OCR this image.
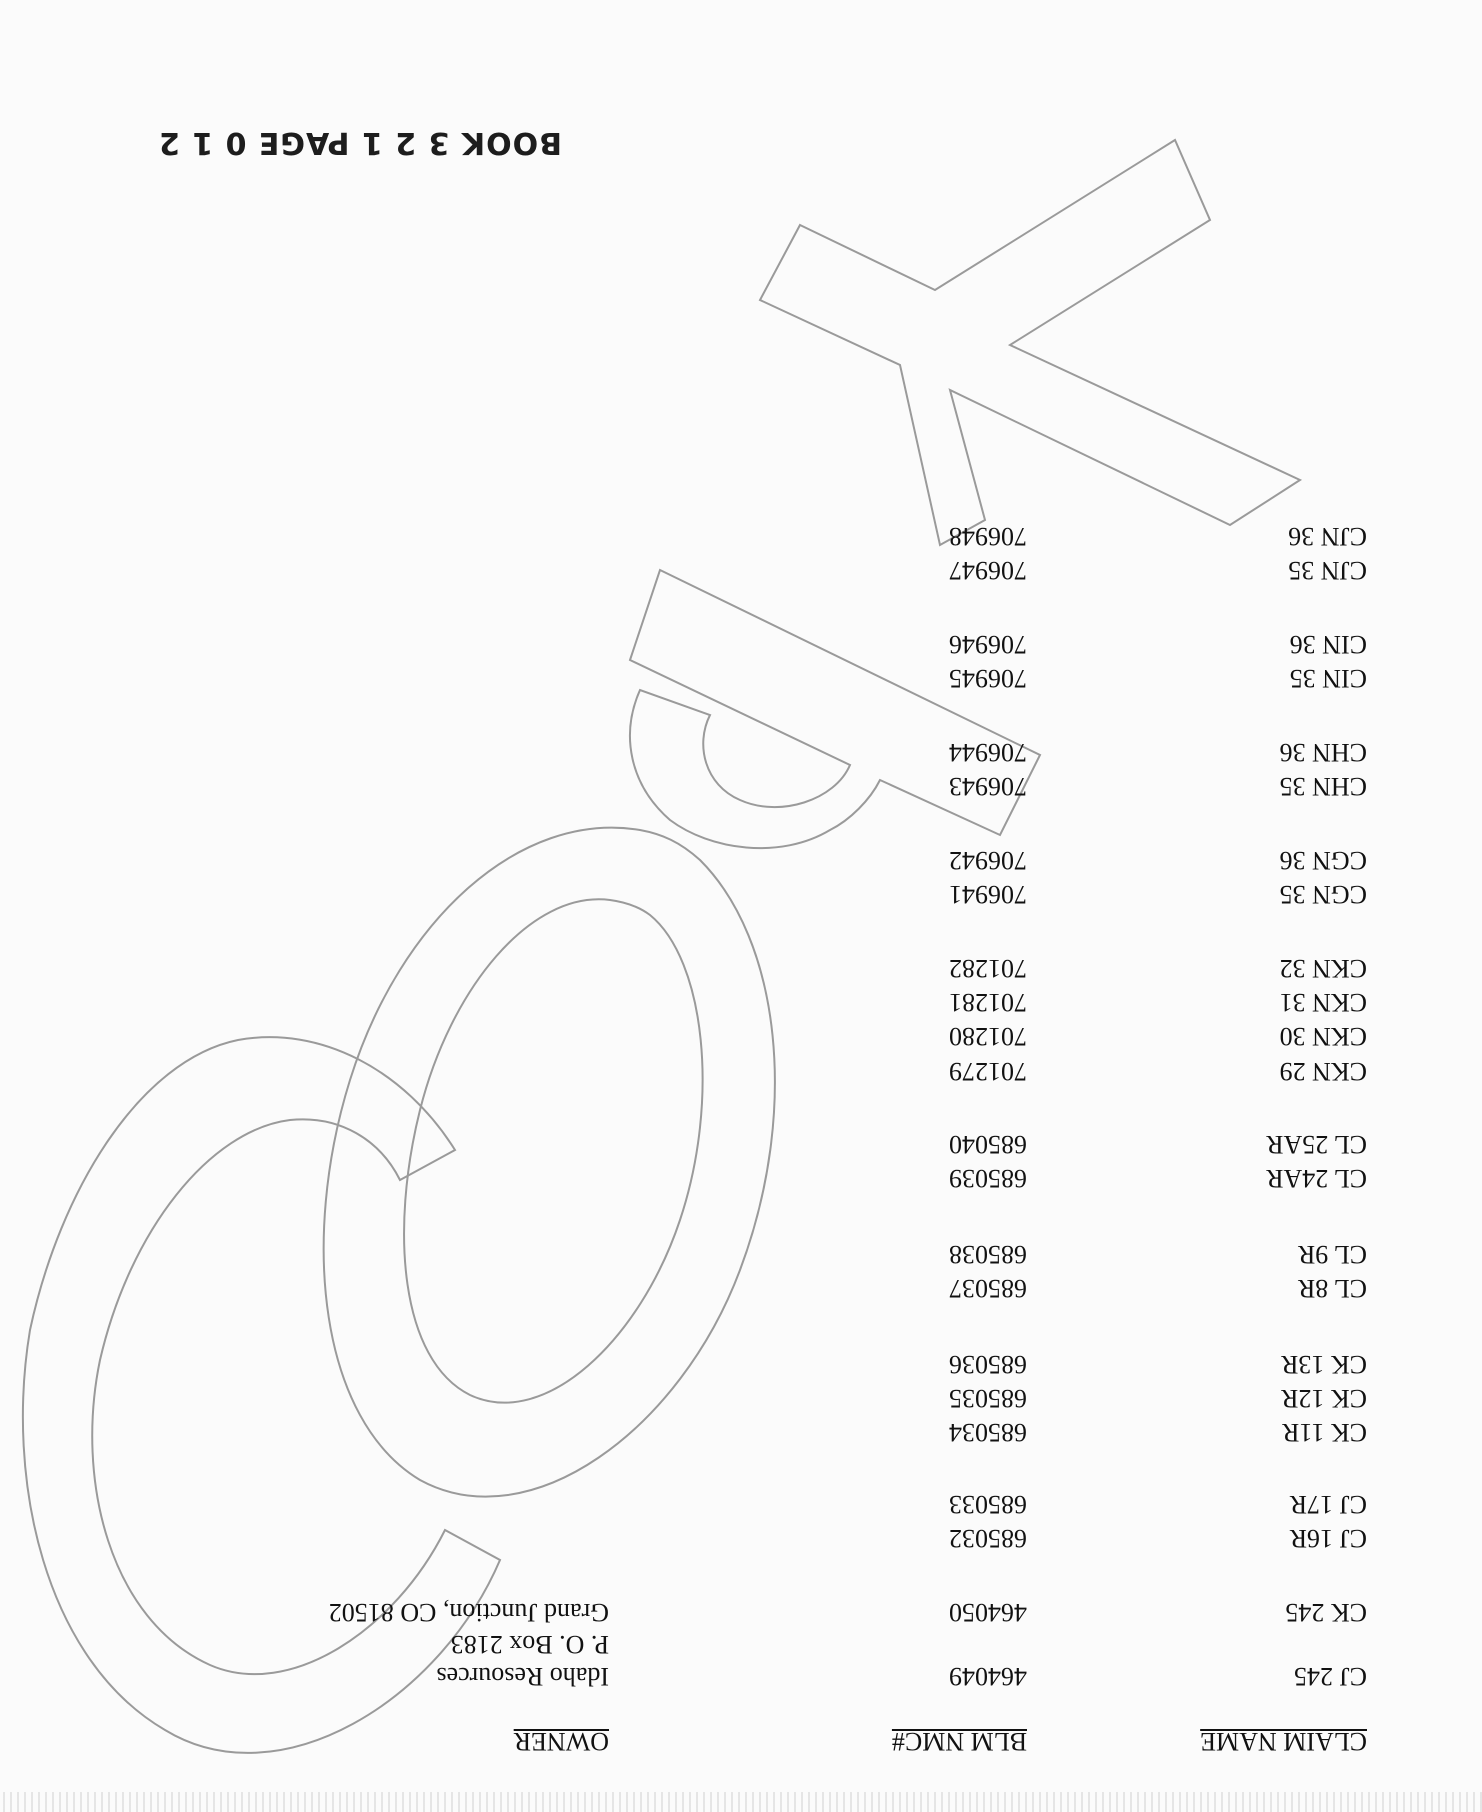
CLAIM NAME
BLM NMC#
OWNER
CJ 245
464049
Idaho Resources
P. O. Box 2183
CK 245
464050
Grand Junction, CO 81502
CJ 16R
685032
CJ 17R
685033
CK 11R
685034
CK 12R
685035
CK 13R
685036
CL 8R
685037
CL 9R
685038
CL 24AR
685039
CL 25AR
685040
CKN 29
701279
CKN 30
701280
CKN 31
701281
CKN 32
701282
CGN 35
706941
CGN 36
706942
CHN 35
706943
CHN 36
706944
CIN 35
706945
CIN 36
706946
CJN 35
706947
CJN 36
706948
BOOK 3 2 1 PAGE 0 1 2
